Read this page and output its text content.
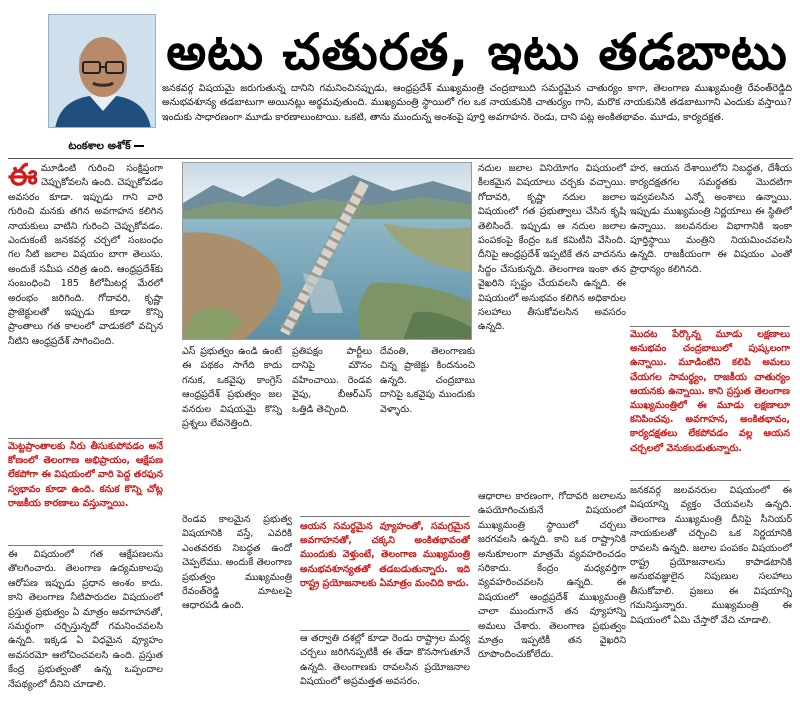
అటు చతురత, ఇటు తడబాటు
జనకవర్గ విషయమై జరుగుతున్న దానిని గమనించినప్పుడు, ఆంధ్రప్రదేశ్ ముఖ్యమంత్రి చంద్రబాబుది సమర్థమైన చాతుర్యం కాగా, తెలంగాణ ముఖ్యమంత్రి రేవంత్‌రెడ్డిది అనుభవశూన్య తడబాటుగా అయినట్లు అర్థమవుతుంది. ముఖ్యమంత్రి స్థాయిలో గల ఒక నాయకునికి చాతుర్యం గాని, మరొక నాయకునికి తడబాటుగాని ఎందుకు వస్తాయి? ఇందుకు సాధారణంగా మూడు కారణాలుంటాయి. ఒకటి, తాను ముందున్న అంశంపై పూర్తి అవగాహన. రెండు, దాని పట్ల అంకితభావం. మూడు, కార్యదక్షత.
టంకశాల అశోక్
ఈమూడింటి గురించి సంక్షిప్తంగా చెప్పుకోవలసి ఉంది. చెప్పుకోవడం అవసరం కూడా. ఇప్పుడు గాని వారి గురించి మనకు తగిన అవగాహన కలిగిన నాయకులు వాటిని గురించి చెప్పుకోవడం. ఎందుకంటే జనకవర్గ చర్చలో సంబంధం గల నీటి జలాల విషయం బాగా తెలుసు. అందుకే సమీప చరిత్ర ఉంది. ఆంధ్రప్రదేశ్‌కు సంబంధించి 185 కిలోమీటర్ల మేరలో అరంభం జరిగింది. గోదావరి, కృష్ణా ప్రాజెక్టులతో ఇప్పుడు కూడా కొన్ని ప్రాంతాలు గత కాలంలో వాడుకలో వచ్చిన నీటిని ఆంధ్రప్రదేశ్ సాగించింది.
మెట్టప్రాంతాలకు నీరు తీసుకుపోవడం అనే కోణంలో తెలంగాణ అభిప్రాయం, ఆక్షేపణ లేకపోగా ఈ విషయంలో వారి పెద్ద తరఫున స్వభావం కూడా ఉంది. కనుక కొన్ని చోట్ల రాజకీయ కారణాలు వస్తున్నాయి.
ఈ విషయంలో గత ఆక్షేపణలను తొలగించారు. తెలంగాణ ఉద్యమకాలపు ఆరోపణ ఇప్పుడు ప్రధాన అంశం కాదు. కాని తెలంగాణ నీటిపారుదల విషయంలో ప్రస్తుత ప్రభుత్వం ఏ మాత్రం అవగాహనతో, సమర్థంగా చర్చిస్తున్నదో గమనించవలసి ఉన్నది. ఇక్కడ ఏ విధమైన వ్యూహం అవసరమో ఆలోచించవలసి ఉంది. ప్రస్తుత కేంద్ర ప్రభుత్వంతో ఉన్న ఒప్పందాల నేపథ్యంలో దీనిని చూడాలి.
ఎస్ ప్రభుత్వం ఉండి ఉంటే ఈ పథకం సాగేది కాదు గనుక, ఒకవైపు కాంగ్రెస్ ఆంధ్రప్రదేశ్ ప్రభుత్వం జల వనరుల విషయమై కొన్ని ప్రశ్నలు లేవనెత్తింది.
ప్రతిపక్షం పార్టీలు దానిపై మౌనం వహించాయి. రెండవ వైపు, బీఆర్ఎస్ ఒత్తిడి తెచ్చింది.
దేవంతి, తెలంగాణకు చిన్న ప్రాజెక్టు కిందనుంచి ఉన్నది. చంద్రబాబు దానిపై ఒకవైపు ముందుకు వెళ్ళారు.
రెండవ కాలమైన ప్రభుత్వ విషయానికి వస్తే, ఎవరికి ఎంతవరకు నిబద్ధత ఉందో చెప్పలేము. అందుకే తెలంగాణ ప్రభుత్వం ముఖ్యమంత్రి రేవంత్‌రెడ్డి మాటలపై ఆధారపడి ఉంది.
ఆయన సమర్థమైన వ్యూహంతో, సమగ్రమైన అవగాహనతో, చక్కని అంకితభావంతో ముందుకు వెళ్తుంటే, తెలంగాణ ముఖ్యమంత్రి అనుభవశూన్యతతో తడబడుతున్నారు. ఇది రాష్ట్ర ప్రయోజనాలకు ఏమాత్రం మంచిది కాదు.
ఆ తర్వాతి దశల్లో కూడా రెండు రాష్ట్రాల మధ్య చర్చలు జరిగినప్పటికీ ఈ తేడా కొనసాగుతూనే ఉన్నది. తెలంగాణకు రావలసిన ప్రయోజనాల విషయంలో అప్రమత్తత అవసరం.
నదుల జలాల వినియోగం విషయంలో కీలకమైన విషయాలు చర్చకు వచ్చాయి. గోదావరి, కృష్ణా నదుల జలాల విషయంలో గత ప్రభుత్వాలు చేసిన కృషి తెలిసిందే. ఇప్పుడు ఆ నదుల జలాల పంపకంపై కేంద్రం ఒక కమిటీని వేసింది. దీనిపై ఆంధ్రప్రదేశ్ ఇప్పటికే తన వాదనను సిద్ధం చేసుకున్నది. తెలంగాణ ఇంకా తన వైఖరిని స్పష్టం చేయవలసి ఉన్నది. ఈ విషయంలో అనుభవం కలిగిన అధికారుల సలహాలు తీసుకోవలసిన అవసరం ఉన్నది.
ఆధారాల కారణంగా, గోదావరి జలాలను ఉపయోగించుకునే విషయంలో ముఖ్యమంత్రి స్థాయిలో చర్చలు జరగవలసి ఉన్నది. కాని ఒక రాష్ట్రానికి అనుకూలంగా మాత్రమే వ్యవహరించడం సరికాదు. కేంద్రం మధ్యవర్తిగా వ్యవహరించవలసి ఉన్నది. ఈ విషయంలో ఆంధ్రప్రదేశ్ ముఖ్యమంత్రి చాలా ముందుగానే తన వ్యూహాన్ని అమలు చేశారు. తెలంగాణ ప్రభుత్వం మాత్రం ఇప్పటికీ తన వైఖరిని రూపొందించుకోలేదు.
హర, ఆయన దేశాయిలోని నిబద్ధత, దేశీయ కార్యదక్షతగల సమర్థతకు మొదటిగా ఇవ్వవలసిన ఎన్నో అంశాలు ఉన్నాయి. ఇప్పుడు ముఖ్యమంత్రి నిర్ణయాలు ఈ స్థితిలో ఉన్నాయి. జలవనరుల విభాగానికి ఇంకా పూర్తిస్థాయి మంత్రిని నియమించవలసి ఉన్నది. రాజకీయంగా ఈ విషయం ఎంతో ప్రాధాన్యం కలిగినది.
మొదట పేర్కొన్న మూడు లక్షణాలు అనుభవం చంద్రబాబులో పుష్కలంగా ఉన్నాయి. మూడింటిని కలిపి అమలు చేయగల సామర్థ్యం, రాజకీయ చాతుర్యం ఆయనకు ఉన్నాయి. కాని ప్రస్తుత తెలంగాణ ముఖ్యమంత్రిలో ఈ మూడు లక్షణాలూ కనిపించవు. అవగాహన, అంకితభావం, కార్యదక్షతలు లేకపోవడం వల్ల ఆయన చర్చలలో వెనుకబడుతున్నారు.
జనకవర్గ జలవనరుల విషయంలో ఈ విషయాన్ని వ్యక్తం చేయవలసి ఉన్నది. తెలంగాణ ముఖ్యమంత్రి దీనిపై సీనియర్ నాయకులతో చర్చించి ఒక నిర్ణయానికి రావలసి ఉన్నది. జలాల పంపకం విషయంలో రాష్ట్ర ప్రయోజనాలను కాపాడటానికి అనుభవజ్ఞులైన నిపుణుల సలహాలు తీసుకోవాలి. ప్రజలు ఈ విషయాన్ని గమనిస్తున్నారు. ముఖ్యమంత్రి ఈ విషయంలో ఏమి చేస్తారో వేచి చూడాలి.
